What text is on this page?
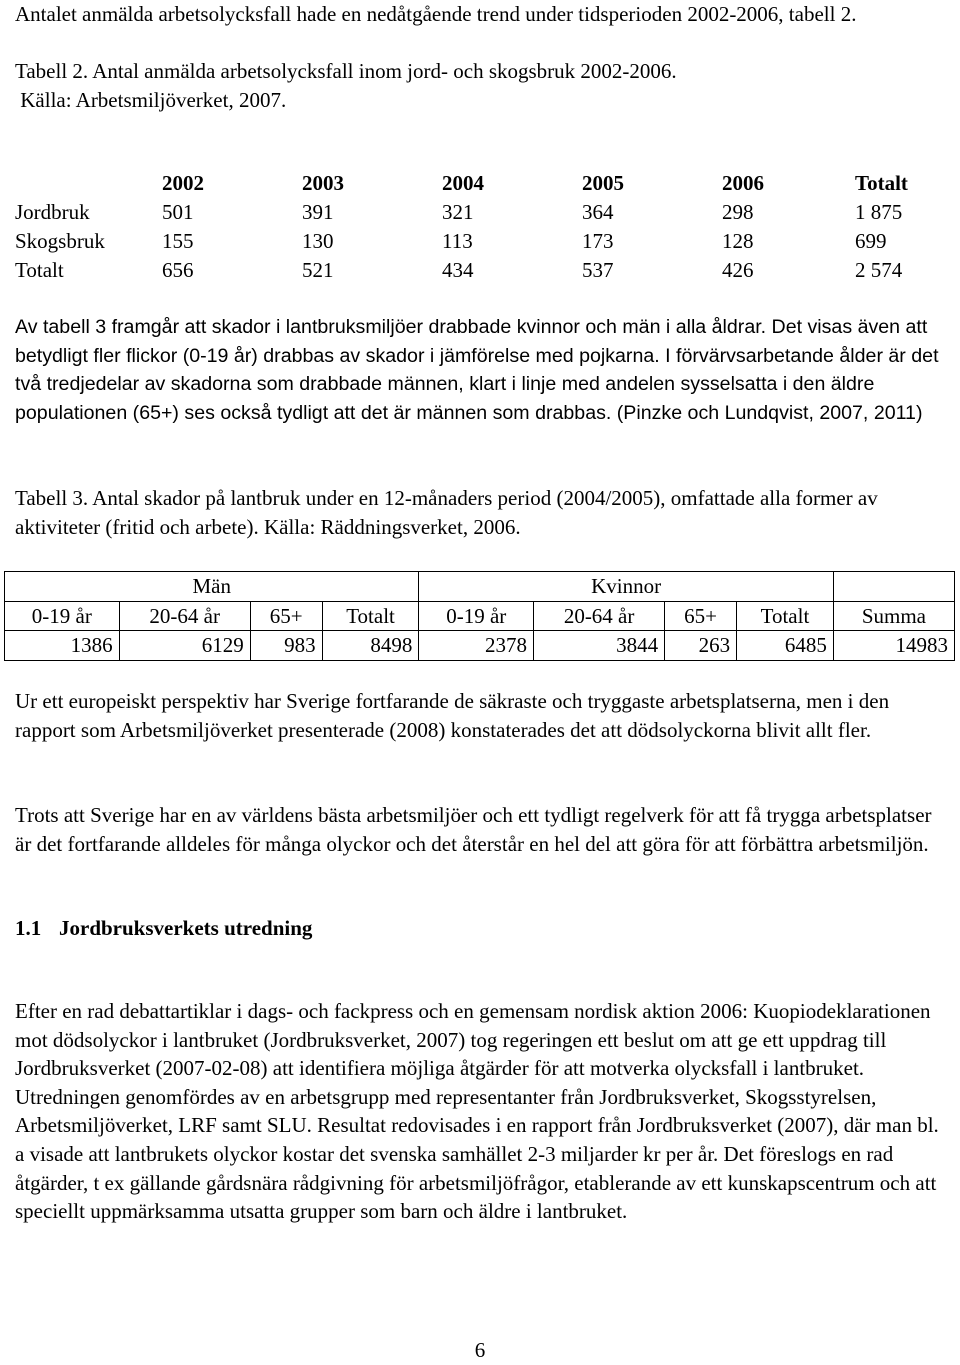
Antalet anmälda arbetsolycksfall hade en nedåtgående trend under tidsperioden 2002-2006, tabell 2.

Tabell 2. Antal anmälda arbetsolycksfall inom jord- och skogsbruk 2002-2006.
Källa: Arbetsmiljöverket, 2007.
	2002	2003	2004	2005	2006	Totalt
Jordbruk	501	391	321	364	298	1 875
Skogsbruk	155	130	113	173	128	699
Totalt	656	521	434	537	426	2 574

Av tabell 3 framgår att skador i lantbruksmiljöer drabbade kvinnor och män i alla åldrar. Det visas även att betydligt fler flickor (0-19 år) drabbas av skador i jämförelse med pojkarna. I förvärvsarbetande ålder är det två tredjedelar av skadorna som drabbade männen, klart i linje med andelen sysselsatta i den äldre populationen (65+) ses också tydligt att det är männen som drabbas. (Pinzke och Lundqvist, 2007, 2011)

Tabell 3. Antal skador på lantbruk under en 12-månaders period (2004/2005), omfattade alla former av aktiviteter (fritid och arbete). Källa: Räddningsverket, 2006.

Män				Kvinnor				
0-19 år	20-64 år	65+	Totalt	0-19 år	20-64 år	65+	Totalt	Summa
1386	6129	983	8498	2378	3844	263	6485	14983

Ur ett europeiskt perspektiv har Sverige fortfarande de säkraste och tryggaste arbetsplatserna, men i den rapport som Arbetsmiljöverket presenterade (2008) konstaterades det att dödsolyckorna blivit allt fler.

Trots att Sverige har en av världens bästa arbetsmiljöer och ett tydligt regelverk för att få trygga arbetsplatser är det fortfarande alldeles för många olyckor och det återstår en hel del att göra för att förbättra arbetsmiljön.

1.1 Jordbruksverkets utredning

Efter en rad debattartiklar i dags- och fackpress och en gemensam nordisk aktion 2006: Kuopiodeklarationen mot dödsolyckor i lantbruket (Jordbruksverket, 2007) tog regeringen ett beslut om att ge ett uppdrag till Jordbruksverket (2007-02-08) att identifiera möjliga åtgärder för att motverka olycksfall i lantbruket. Utredningen genomfördes av en arbetsgrupp med representanter från Jordbruksverket, Skogsstyrelsen, Arbetsmiljöverket, LRF samt SLU. Resultat redovisades i en rapport från Jordbruksverket (2007), där man bl. a visade att lantbrukets olyckor kostar det svenska samhället 2-3 miljarder kr per år. Det föreslogs en rad åtgärder, t ex gällande gårdsnära rådgivning för arbetsmiljöfrågor, etablerande av ett kunskapscentrum och att speciellt uppmärksamma utsatta grupper som barn och äldre i lantbruket.

6
